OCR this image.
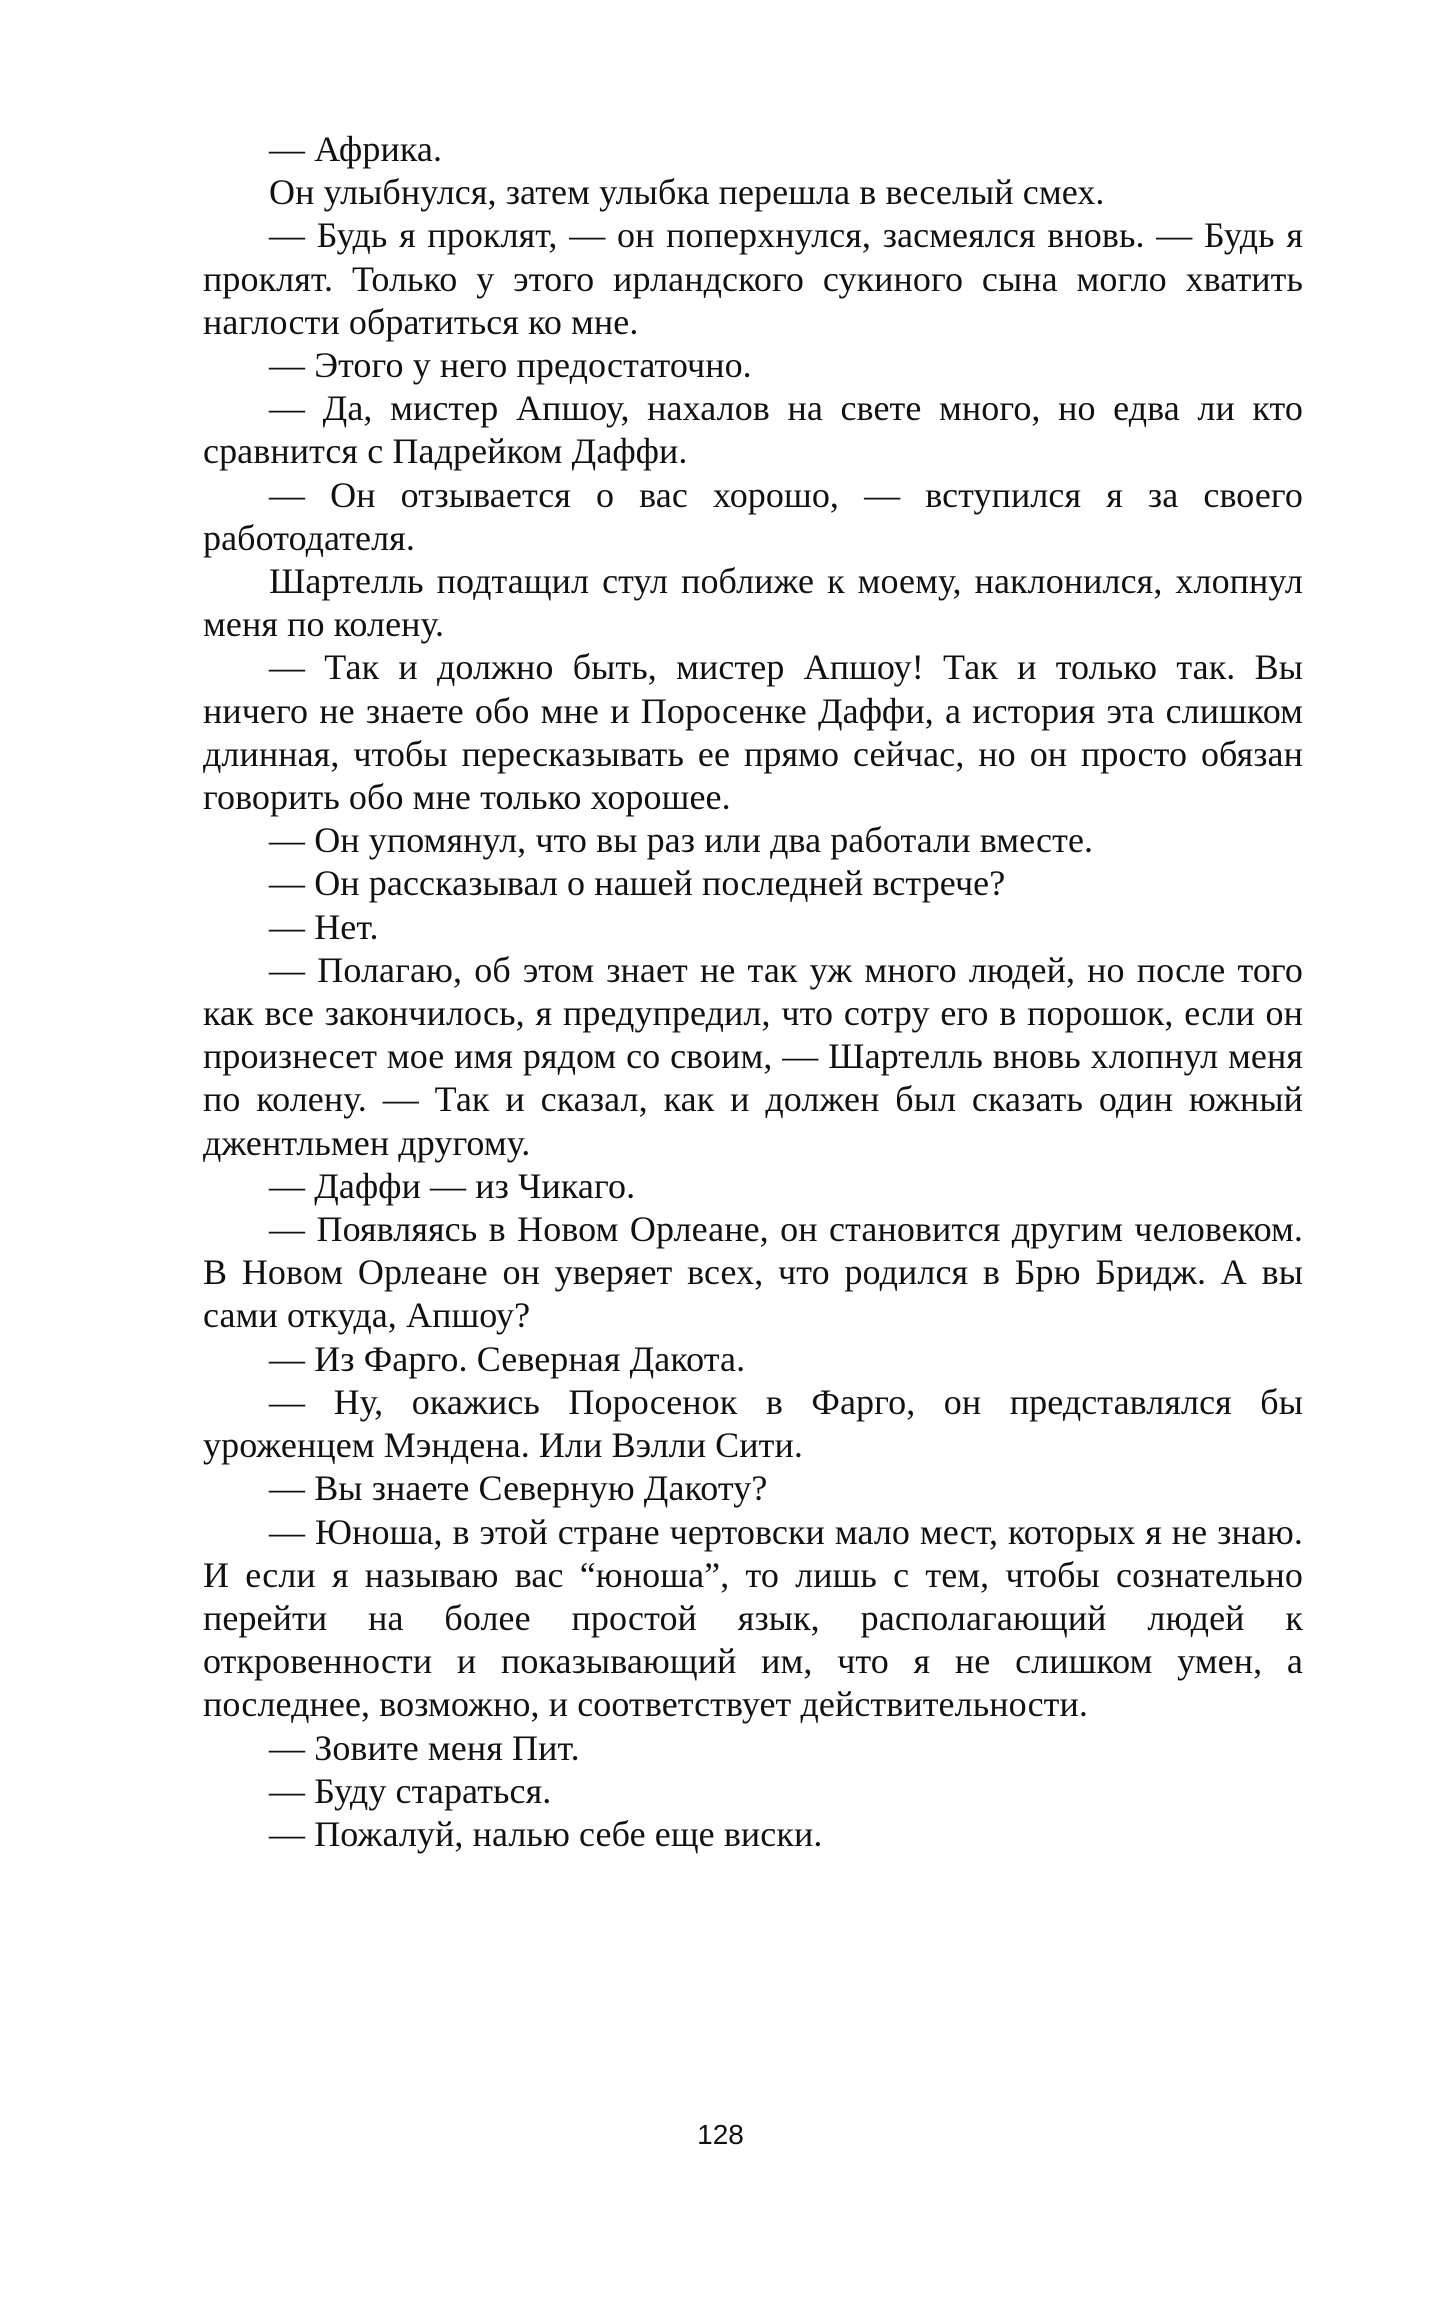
— Африка.

Он улыбнулся, затем улыбка перешла в веселый смех.

— Будь я проклят, — он поперхнулся, засмеялся вновь. — Будь я проклят. Только у этого ирландского сукиного сына могло хватить наглости обратиться ко мне.

— Этого у него предостаточно.

— Да, мистер Апшоу, нахалов на свете много, но едва ли кто сравнится с Падрейком Даффи.

— Он отзывается о вас хорошо, — вступился я за своего работодателя.

Шартелль подтащил стул поближе к моему, наклонился, хлопнул меня по колену.

— Так и должно быть, мистер Апшоу! Так и только так. Вы ничего не знаете обо мне и Поросенке Даффи, а история эта слишком длинная, чтобы пересказывать ее прямо сейчас, но он просто обязан говорить обо мне только хорошее.

— Он упомянул, что вы раз или два работали вместе.

— Он рассказывал о нашей последней встрече?

— Нет.

— Полагаю, об этом знает не так уж много людей, но после того как все закончилось, я предупредил, что сотру его в порошок, если он произнесет мое имя рядом со своим, — Шартелль вновь хлопнул меня по колену. — Так и сказал, как и должен был сказать один южный джентльмен другому.

— Даффи — из Чикаго.

— Появляясь в Новом Орлеане, он становится другим человеком. В Новом Орлеане он уверяет всех, что родился в Брю Бридж. А вы сами откуда, Апшоу?

— Из Фарго. Северная Дакота.

— Ну, окажись Поросенок в Фарго, он представлялся бы уроженцем Мэндена. Или Вэлли Сити.

— Вы знаете Северную Дакоту?

— Юноша, в этой стране чертовски мало мест, которых я не знаю. И если я называю вас “юноша”, то лишь с тем, чтобы сознательно перейти на более простой язык, располагающий людей к откровенности и показывающий им, что я не слишком умен, а последнее, возможно, и соответствует действительности.

— Зовите меня Пит.

— Буду стараться.

— Пожалуй, налью себе еще виски.

128
